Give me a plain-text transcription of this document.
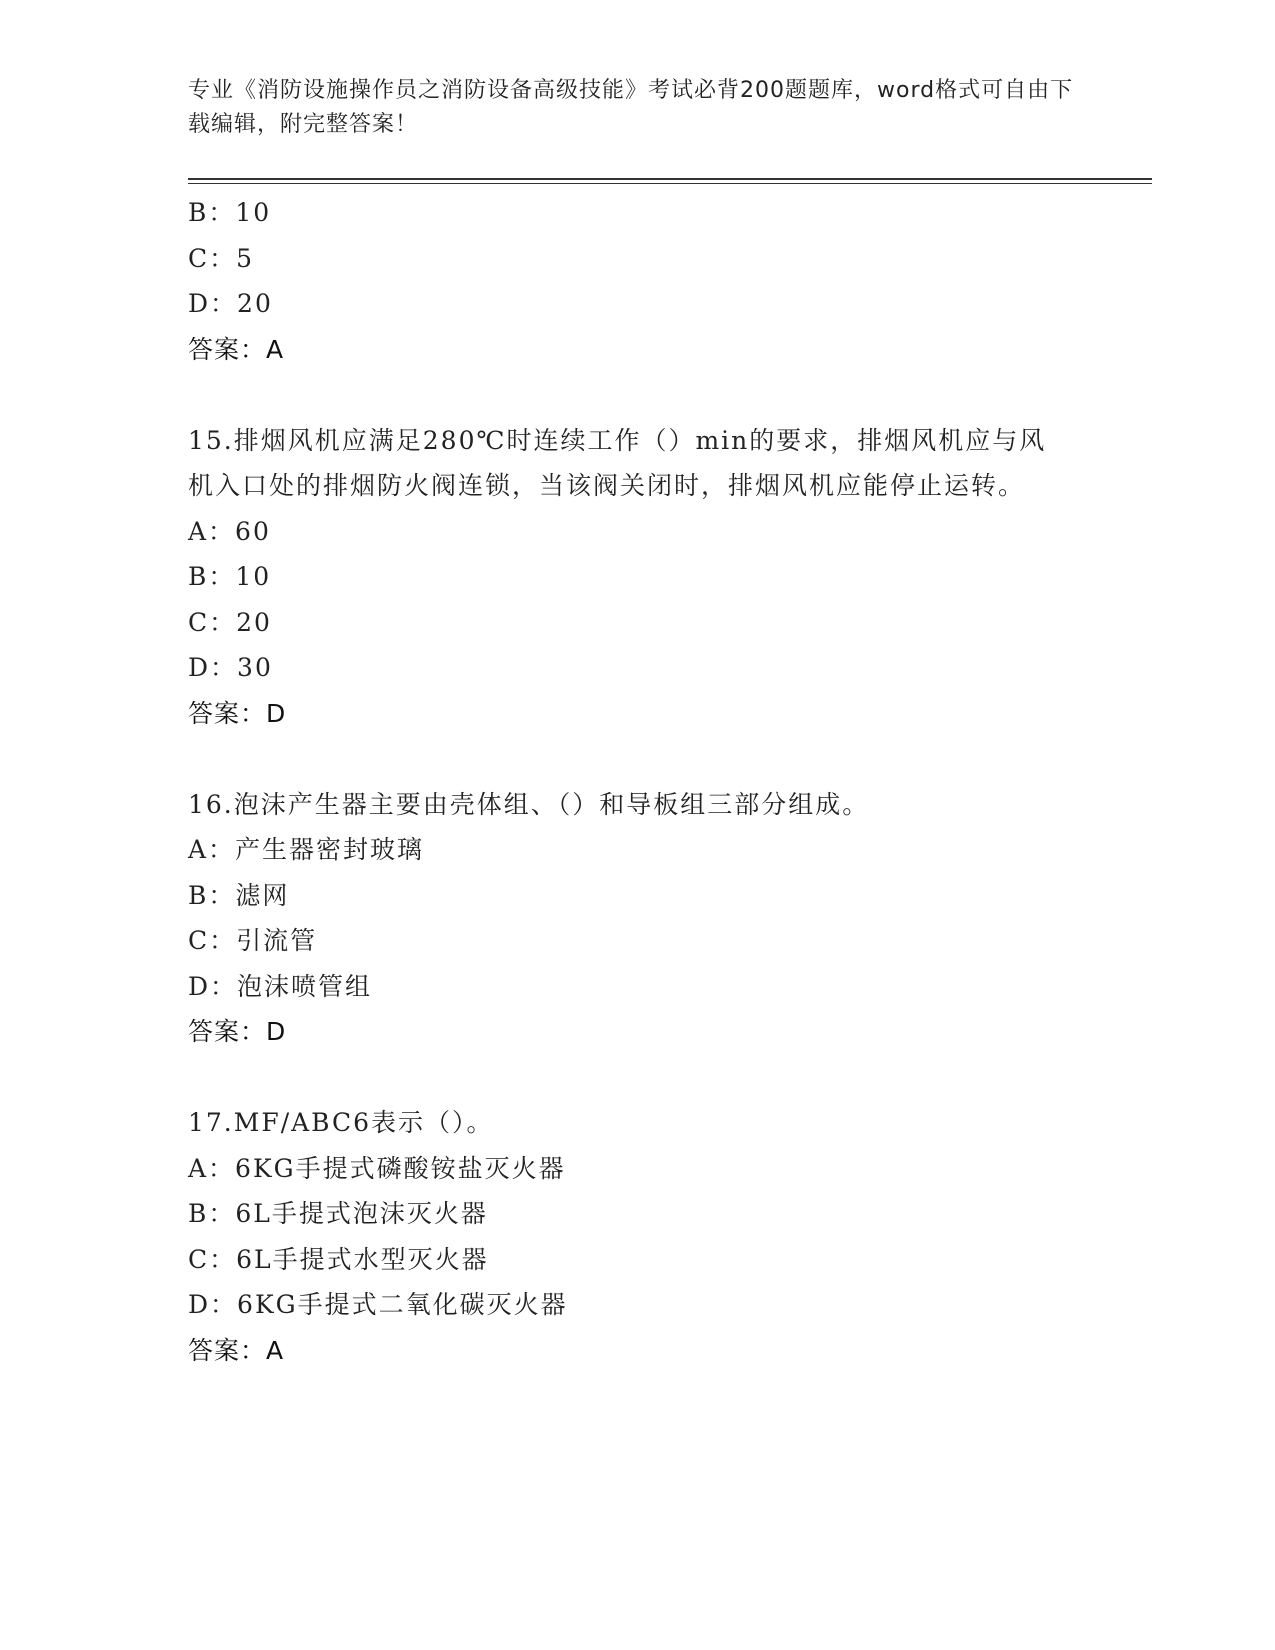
专业《消防设施操作员之消防设备高级技能》考试必背200题题库，word格式可自由下载编辑，附完整答案！
B：10
C：5
D：20
答案：A
15.排烟风机应满足280℃时连续工作（）min的要求，排烟风机应与风机入口处的排烟防火阀连锁，当该阀关闭时，排烟风机应能停止运转。
A：60
B：10
C：20
D：30
答案：D
16.泡沫产生器主要由壳体组、（）和导板组三部分组成。
A：产生器密封玻璃
B：滤网
C：引流管
D：泡沫喷管组
答案：D
17.MF/ABC6表示（）。
A：6KG手提式磷酸铵盐灭火器
B：6L手提式泡沫灭火器
C：6L手提式水型灭火器
D：6KG手提式二氧化碳灭火器
答案：A
